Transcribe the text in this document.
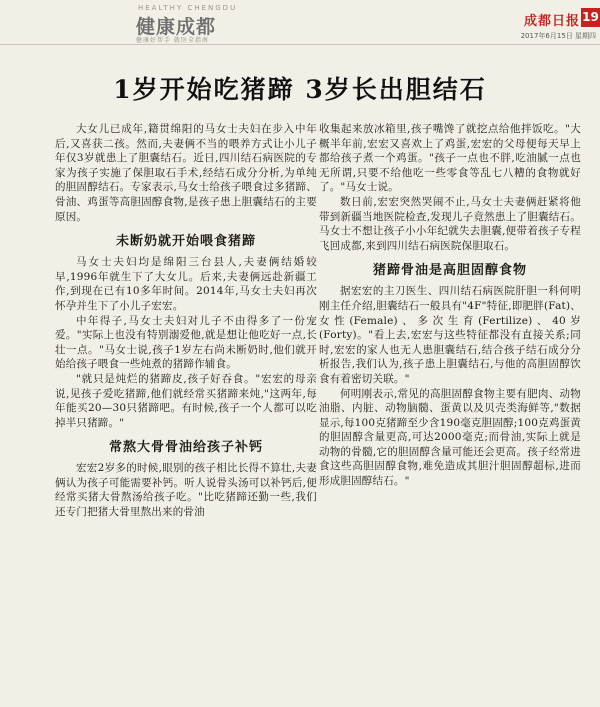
HEALTHY CHENGDU
健康成都
健康好帮手 就医全指南
成都日报 19
2017年6月15日 星期四
1岁开始吃猪蹄 3岁长出胆结石

大女儿已成年,籍贯绵阳的马女士夫妇在步入中年后,又喜获二孩。然而,夫妻俩不当的喂养方式让小儿子年仅3岁就患上了胆囊结石。近日,四川结石病医院的专家为孩子实施了保胆取石手术,经结石成分分析,为单纯的胆固醇结石。专家表示,马女士给孩子喂食过多猪蹄、骨油、鸡蛋等高胆固醇食物,是孩子患上胆囊结石的主要原因。

未断奶就开始喂食猪蹄

马女士夫妇均是绵阳三台县人,夫妻俩结婚较早,1996年就生下了大女儿。后来,夫妻俩远赴新疆工作,到现在已有10多年时间。2014年,马女士夫妇再次怀孕并生下了小儿子宏宏。

中年得子,马女士夫妇对儿子不由得多了一份宠爱。"实际上也没有特别溺爱他,就是想让他吃好一点,长壮一点。"马女士说,孩子1岁左右尚未断奶时,他们就开始给孩子喂食一些炖煮的猪蹄作辅食。

"就只是炖烂的猪蹄皮,孩子好吞食。"宏宏的母亲说,见孩子爱吃猪蹄,他们就经常买猪蹄来炖,"这两年,每年能买20—30只猪蹄吧。有时候,孩子一个人都可以吃掉半只猪蹄。"

常熬大骨骨油给孩子补钙

宏宏2岁多的时候,眼别的孩子相比长得不算壮,夫妻俩认为孩子可能需要补钙。听人说骨头汤可以补钙后,便经常买猪大骨熬汤给孩子吃。"比吃猪蹄还勤一些,我们还专门把猪大骨里熬出来的骨油

收集起来放冰箱里,孩子嘴馋了就挖点给他拌饭吃。"大概半年前,宏宏又喜欢上了鸡蛋,宏宏的父母便每天早上都给孩子煮一个鸡蛋。"孩子一点也不胖,吃油腻一点也无所谓,只要不给他吃一些零食等乱七八糟的食物就好了。"马女士说。

数日前,宏宏突然哭闹不止,马女士夫妻俩赶紧将他带到新疆当地医院检查,发现儿子竟然患上了胆囊结石。马女士不想让孩子小小年纪就失去胆囊,便带着孩子专程飞回成都,来到四川结石病医院保胆取石。

猪蹄骨油是高胆固醇食物

据宏宏的主刀医生、四川结石病医院肝胆一科何明刚主任介绍,胆囊结石一般具有"4F"特征,即肥胖(Fat)、女性(Female)、多次生育(Fertilize)、40岁(Forty)。"看上去,宏宏与这些特征都没有直接关系;同时,宏宏的家人也无人患胆囊结石,结合孩子结石成分分析报告,我们认为,孩子患上胆囊结石,与他的高胆固醇饮食有着密切关联。"

何明刚表示,常见的高胆固醇食物主要有肥肉、动物油脂、内脏、动物脑髓、蛋黄以及贝壳类海鲜等,"数据显示,每100克猪蹄至少含190毫克胆固醇;100克鸡蛋黄的胆固醇含量更高,可达2000毫克;而骨油,实际上就是动物的骨髓,它的胆固醇含量可能还会更高。孩子经常进食这些高胆固醇食物,难免造成其胆汁胆固醇超标,进而形成胆固醇结石。"
